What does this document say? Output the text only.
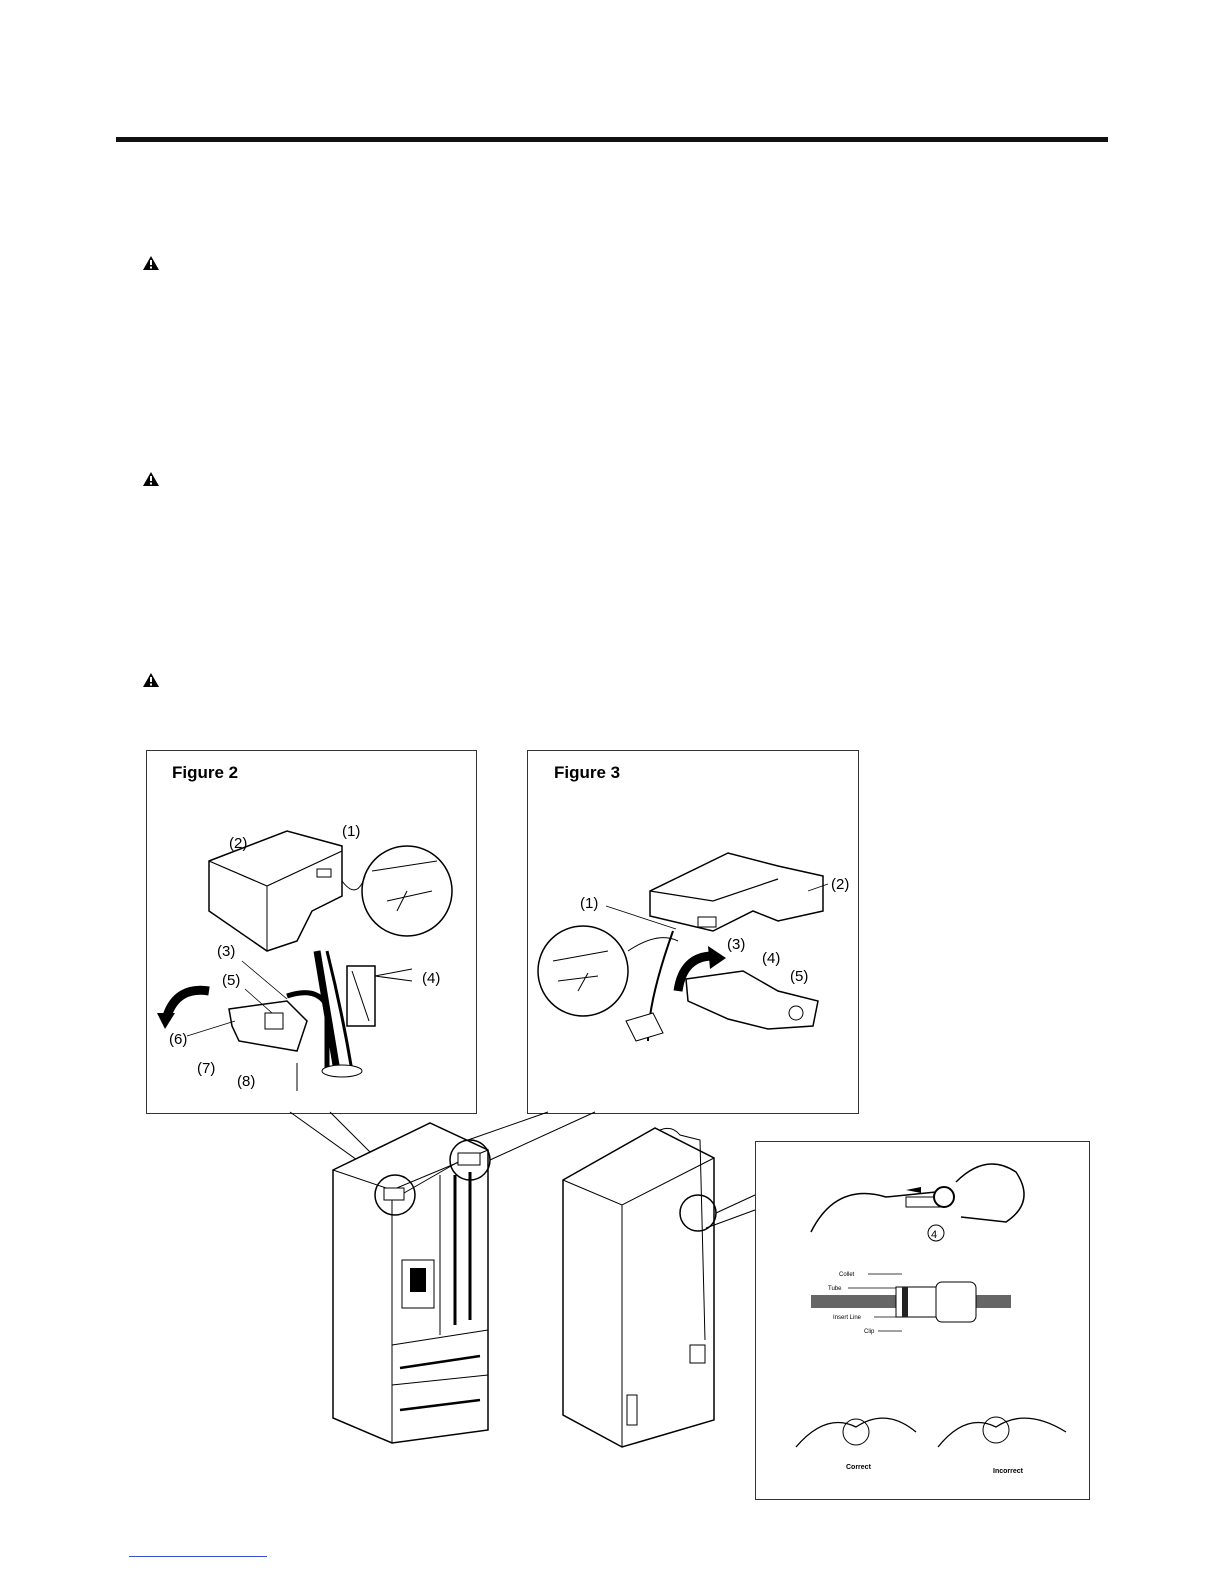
Figure 2
(1)
(2)
(3)
(4)
(5)
(6)
(7)
(8)
Figure 3
(1)
(2)
(3)
(4)
(5)
4
Collet
Tube
Insert Line
Clip
Correct
Incorrect
